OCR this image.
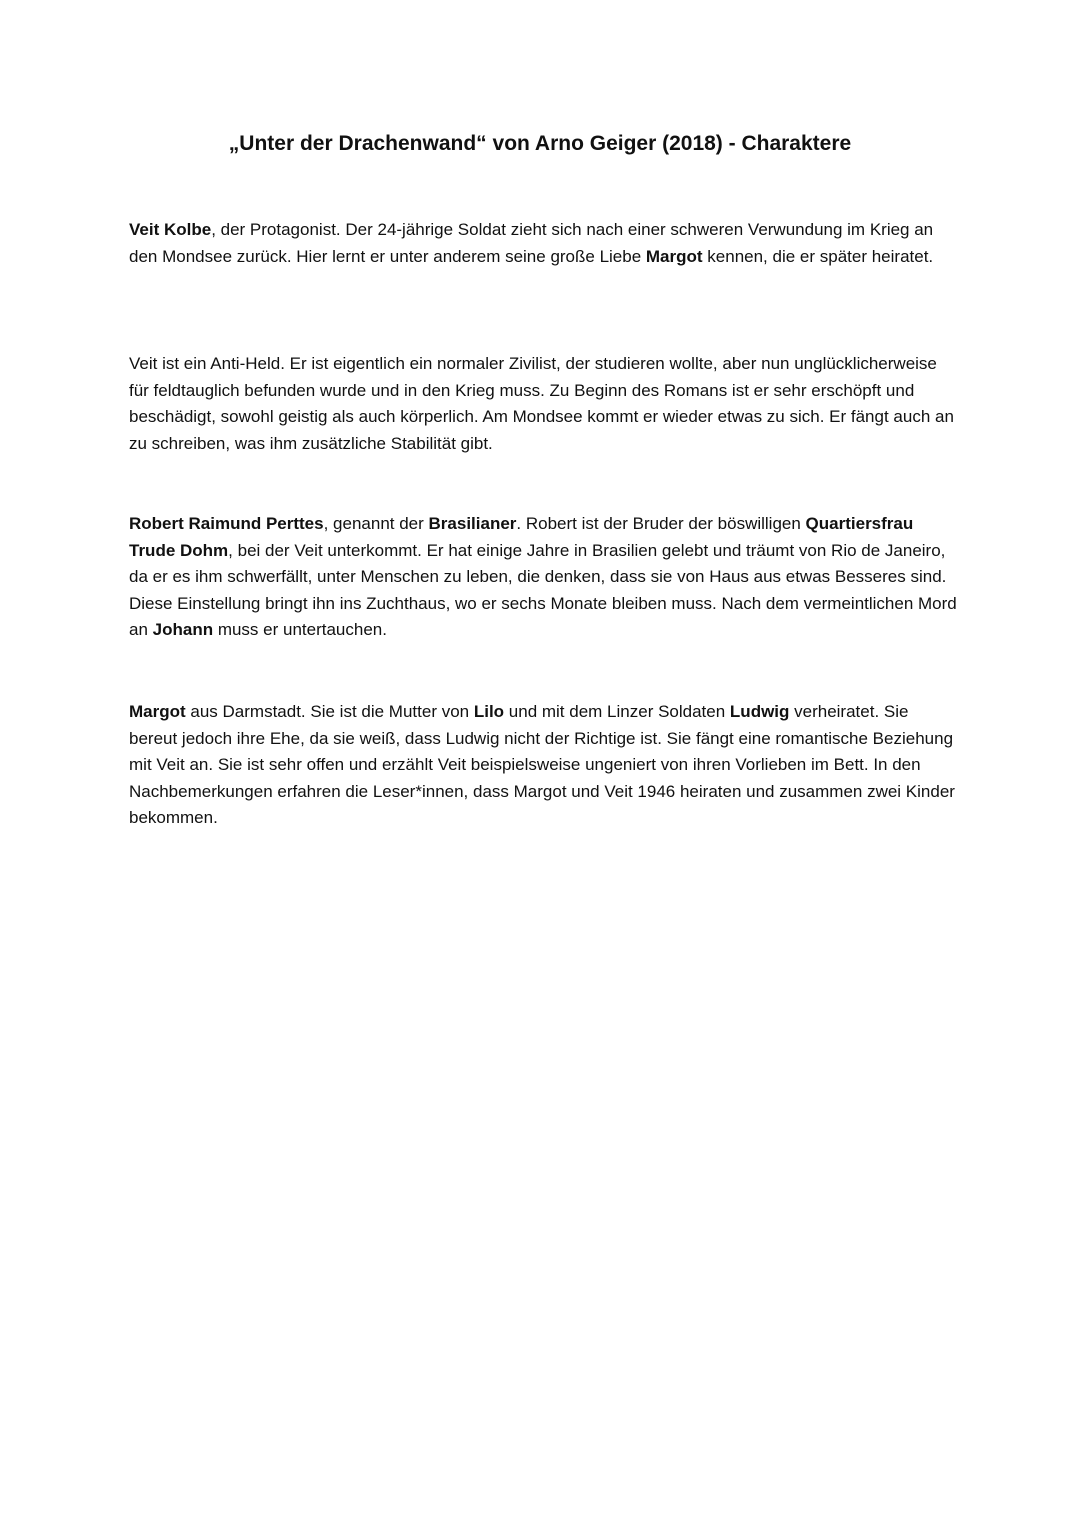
„Unter der Drachenwand“ von Arno Geiger (2018) - Charaktere

Veit Kolbe, der Protagonist. Der 24-jährige Soldat zieht sich nach einer schweren Verwundung im Krieg an den Mondsee zurück. Hier lernt er unter anderem seine große Liebe Margot kennen, die er später heiratet.

Veit ist ein Anti-Held. Er ist eigentlich ein normaler Zivilist, der studieren wollte, aber nun unglücklicherweise für feldtauglich befunden wurde und in den Krieg muss. Zu Beginn des Romans ist er sehr erschöpft und beschädigt, sowohl geistig als auch körperlich. Am Mondsee kommt er wieder etwas zu sich. Er fängt auch an zu schreiben, was ihm zusätzliche Stabilität gibt.

Robert Raimund Perttes, genannt der Brasilianer. Robert ist der Bruder der böswilligen Quartiersfrau Trude Dohm, bei der Veit unterkommt. Er hat einige Jahre in Brasilien gelebt und träumt von Rio de Janeiro, da er es ihm schwerfällt, unter Menschen zu leben, die denken, dass sie von Haus aus etwas Besseres sind. Diese Einstellung bringt ihn ins Zuchthaus, wo er sechs Monate bleiben muss. Nach dem vermeintlichen Mord an Johann muss er untertauchen.

Margot aus Darmstadt. Sie ist die Mutter von Lilo und mit dem Linzer Soldaten Ludwig verheiratet. Sie bereut jedoch ihre Ehe, da sie weiß, dass Ludwig nicht der Richtige ist. Sie fängt eine romantische Beziehung mit Veit an. Sie ist sehr offen und erzählt Veit beispielsweise ungeniert von ihren Vorlieben im Bett. In den Nachbemerkungen erfahren die Leser*innen, dass Margot und Veit 1946 heiraten und zusammen zwei Kinder bekommen.
